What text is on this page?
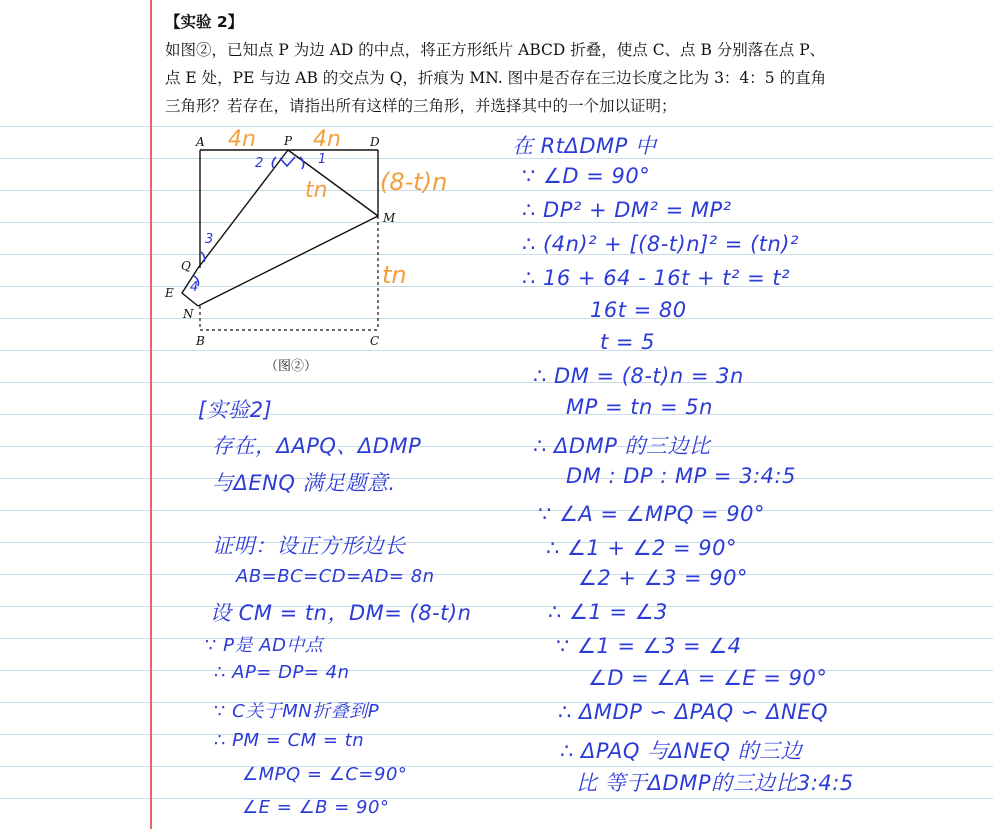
【实验 2】
如图②，已知点 P 为边 AD 的中点，将正方形纸片 ABCD 折叠，使点 C、点 B 分别落在点 P、
点 E 处，PE 与边 AB 的交点为 Q，折痕为 MN. 图中是否存在三边长度之比为 3：4：5 的直角
三角形？若存在，请指出所有这样的三角形，并选择其中的一个加以证明；
A	P	D
M
Q
E
N
B	C
2	1
3
4
4n	4n
tn (8-t)n
tn
（图②）
[实验2]
存在，ΔAPQ、ΔDMP
与ΔENQ 满足题意.
证明：设正方形边长
AB=BC=CD=AD= 8n
设 CM = tn，DM= (8-t)n
∵ P是 AD中点
∴ AP= DP= 4n
∵ C关于MN折叠到P
∴ PM = CM = tn
∠MPQ = ∠C=90°
∠E = ∠B = 90°
在 RtΔDMP 中
∵ ∠D = 90°
∴ DP² + DM² = MP²
∴ (4n)² + [(8-t)n]² = (tn)²
∴ 16 + 64 - 16t + t² = t²
16t = 80
t = 5
∴ DM = (8-t)n = 3n
MP = tn = 5n
∴ ΔDMP 的三边比
DM : DP : MP = 3:4:5
∵ ∠A = ∠MPQ = 90°
∴ ∠1 + ∠2 = 90°
∠2 + ∠3 = 90°
∴ ∠1 = ∠3
∵ ∠1 = ∠3 = ∠4
∠D = ∠A = ∠E = 90°
∴ ΔMDP ∽ ΔPAQ ∽ ΔNEQ
∴ ΔPAQ 与ΔNEQ 的三边
比 等于ΔDMP的三边比3:4:5
